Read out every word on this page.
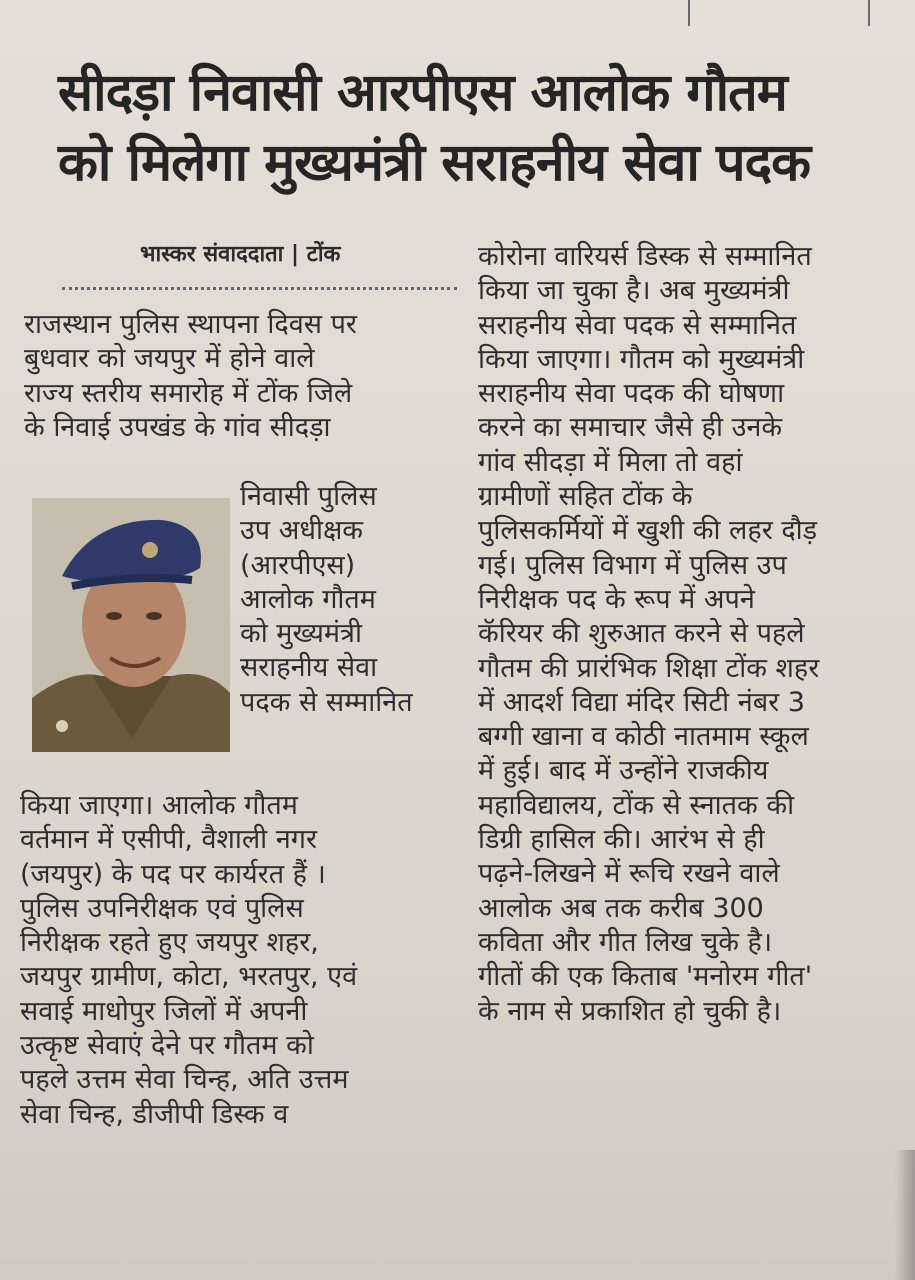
सीदड़ा निवासी आरपीएस आलोक गौतम
को मिलेगा मुख्यमंत्री सराहनीय सेवा पदक
भास्कर संवाददाता | टोंक
राजस्थान पुलिस स्थापना दिवस पर
बुधवार को जयपुर में होने वाले
राज्य स्तरीय समारोह में टोंक जिले
के निवाई उपखंड के गांव सीदड़ा
निवासी पुलिस
उप अधीक्षक
(आरपीएस)
आलोक गौतम
को मुख्यमंत्री
सराहनीय सेवा
पदक से सम्मानित
किया जाएगा। आलोक गौतम
वर्तमान में एसीपी, वैशाली नगर
(जयपुर) के पद पर कार्यरत हैं ।
पुलिस उपनिरीक्षक एवं पुलिस
निरीक्षक रहते हुए जयपुर शहर,
जयपुर ग्रामीण, कोटा, भरतपुर, एवं
सवाई माधोपुर जिलों में अपनी
उत्कृष्ट सेवाएं देने पर गौतम को
पहले उत्तम सेवा चिन्ह, अति उत्तम
सेवा चिन्ह, डीजीपी डिस्क व
कोरोना वारियर्स डिस्क से सम्मानित
किया जा चुका है। अब मुख्यमंत्री
सराहनीय सेवा पदक से सम्मानित
किया जाएगा। गौतम को मुख्यमंत्री
सराहनीय सेवा पदक की घोषणा
करने का समाचार जैसे ही उनके
गांव सीदड़ा में मिला तो वहां
ग्रामीणों सहित टोंक के
पुलिसकर्मियों में खुशी की लहर दौड़
गई। पुलिस विभाग में पुलिस उप
निरीक्षक पद के रूप में अपने
कॅरियर की शुरुआत करने से पहले
गौतम की प्रारंभिक शिक्षा टोंक शहर
में आदर्श विद्या मंदिर सिटी नंबर 3
बग्गी खाना व कोठी नातमाम स्कूल
में हुई। बाद में उन्होंने राजकीय
महाविद्यालय, टोंक से स्नातक की
डिग्री हासिल की। आरंभ से ही
पढ़ने-लिखने में रूचि रखने वाले
आलोक अब तक करीब 300
कविता और गीत लिख चुके है।
गीतों की एक किताब 'मनोरम गीत'
के नाम से प्रकाशित हो चुकी है।
